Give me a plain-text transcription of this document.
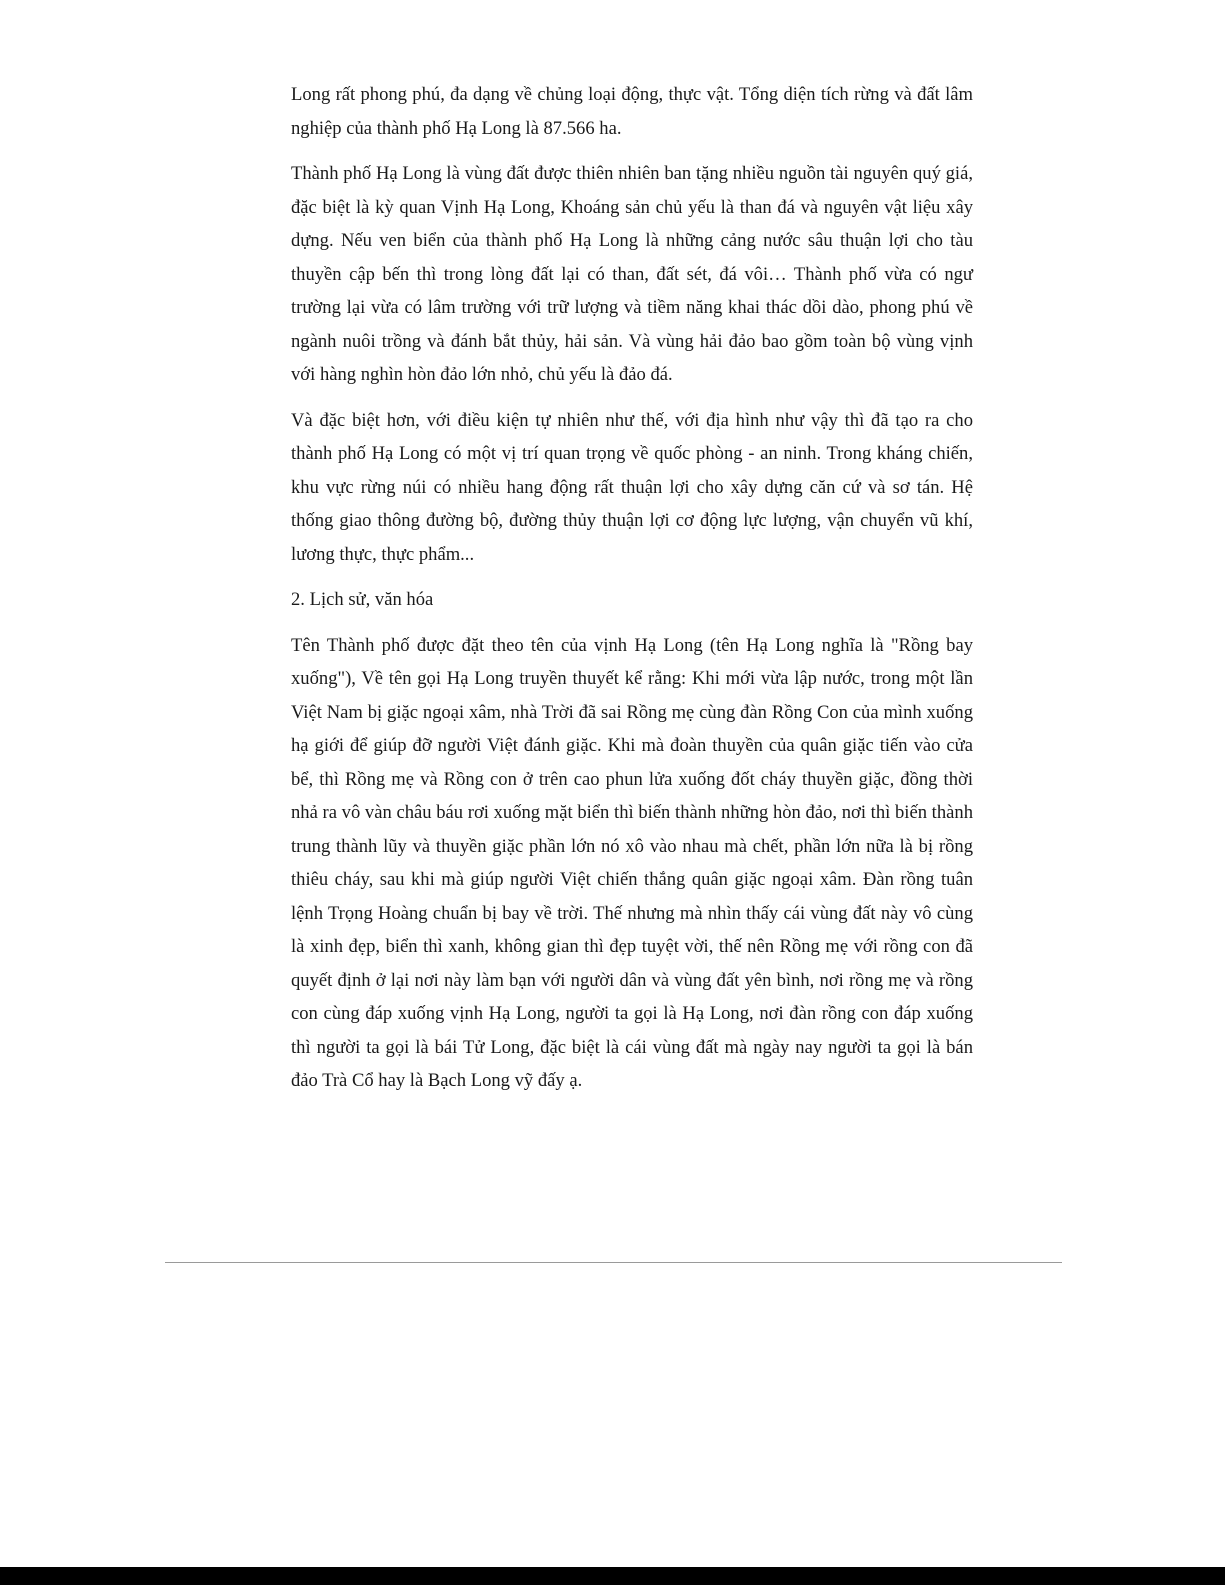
Long rất phong phú, đa dạng về chủng loại động, thực vật. Tổng diện tích rừng và đất lâm nghiệp của thành phố Hạ Long là 87.566 ha.

Thành phố Hạ Long là vùng đất được thiên nhiên ban tặng nhiều nguồn tài nguyên quý giá, đặc biệt là kỳ quan Vịnh Hạ Long, Khoáng sản chủ yếu là than đá và nguyên vật liệu xây dựng. Nếu ven biển của thành phố Hạ Long là những cảng nước sâu thuận lợi cho tàu thuyền cập bến thì trong lòng đất lại có than, đất sét, đá vôi… Thành phố vừa có ngư trường lại vừa có lâm trường với trữ lượng và tiềm năng khai thác dồi dào, phong phú về ngành nuôi trồng và đánh bắt thủy, hải sản. Và vùng hải đảo bao gồm toàn bộ vùng vịnh với hàng nghìn hòn đảo lớn nhỏ, chủ yếu là đảo đá.

Và đặc biệt hơn, với điều kiện tự nhiên như thế, với địa hình như vậy thì đã tạo ra cho thành phố Hạ Long có một vị trí quan trọng về quốc phòng - an ninh. Trong kháng chiến, khu vực rừng núi có nhiều hang động rất thuận lợi cho xây dựng căn cứ và sơ tán. Hệ thống giao thông đường bộ, đường thủy thuận lợi cơ động lực lượng, vận chuyển vũ khí, lương thực, thực phẩm...

2. Lịch sử, văn hóa

Tên Thành phố được đặt theo tên của vịnh Hạ Long (tên Hạ Long nghĩa là "Rồng bay xuống"), Về tên gọi Hạ Long truyền thuyết kể rằng: Khi mới vừa lập nước, trong một lần Việt Nam bị giặc ngoại xâm, nhà Trời đã sai Rồng mẹ cùng đàn Rồng Con của mình xuống hạ giới để giúp đỡ người Việt đánh giặc. Khi mà đoàn thuyền của quân giặc tiến vào cửa bể, thì Rồng mẹ và Rồng con ở trên cao phun lửa xuống đốt cháy thuyền giặc, đồng thời nhả ra vô vàn châu báu rơi xuống mặt biển thì biến thành những hòn đảo, nơi thì biến thành trung thành lũy và thuyền giặc phần lớn nó xô vào nhau mà chết, phần lớn nữa là bị rồng thiêu cháy, sau khi mà giúp người Việt chiến thắng quân giặc ngoại xâm. Đàn rồng tuân lệnh Trọng Hoàng chuẩn bị bay về trời. Thế nhưng mà nhìn thấy cái vùng đất này vô cùng là xinh đẹp, biển thì xanh, không gian thì đẹp tuyệt vời, thế nên Rồng mẹ với rồng con đã quyết định ở lại nơi này làm bạn với người dân và vùng đất yên bình, nơi rồng mẹ và rồng con cùng đáp xuống vịnh Hạ Long, người ta gọi là Hạ Long, nơi đàn rồng con đáp xuống thì người ta gọi là bái Tử Long, đặc biệt là cái vùng đất mà ngày nay người ta gọi là bán đảo Trà Cổ hay là Bạch Long vỹ đấy ạ.
